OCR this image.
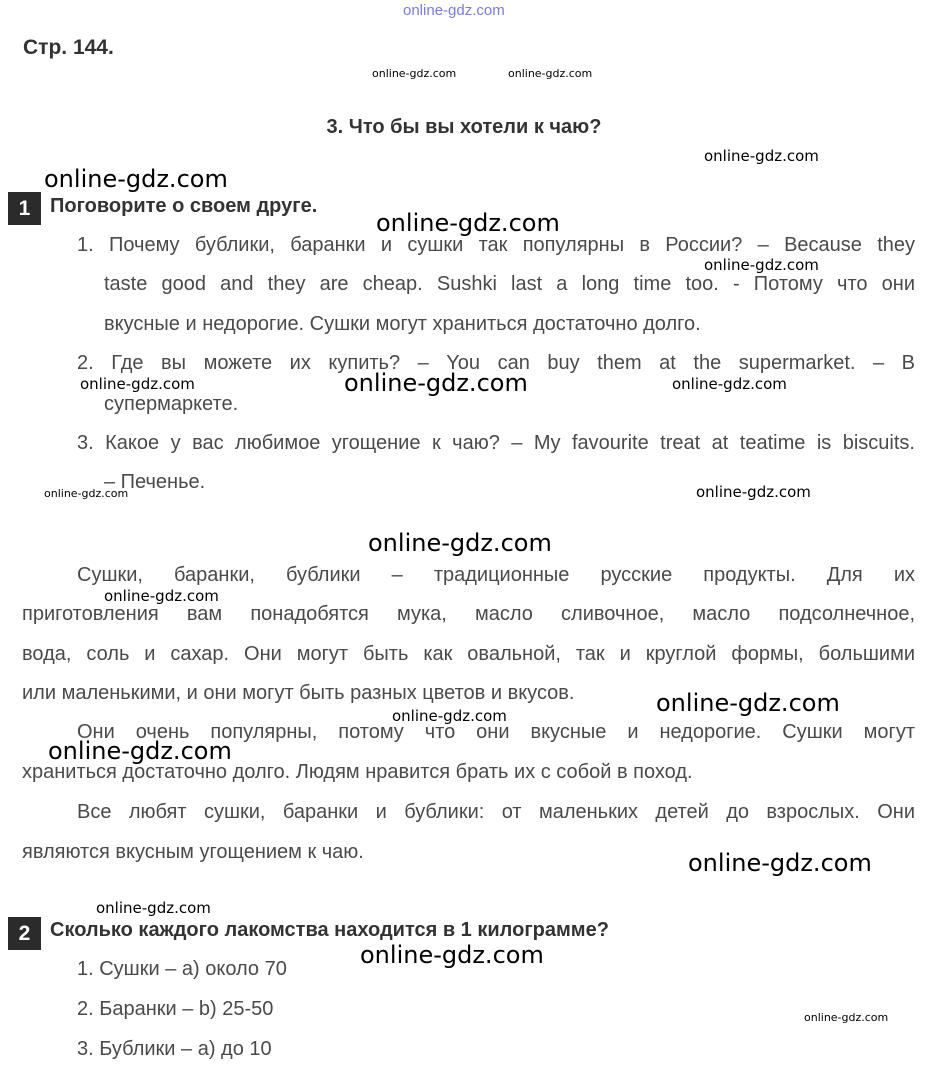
online-gdz.com
Стр. 144.
3. Что бы вы хотели к чаю?
1 Поговорите о своем друге.
1. Почему бублики, баранки и сушки так популярны в России? – Because they
taste good and they are cheap. Sushki last a long time too. - Потому что они
вкусные и недорогие. Сушки могут храниться достаточно долго.
2. Где вы можете их купить? – You can buy them at the supermarket. – В
супермаркете.
3. Какое у вас любимое угощение к чаю? – My favourite treat at teatime is biscuits.
– Печенье.
Сушки, баранки, бублики – традиционные русские продукты. Для их
приготовления вам понадобятся мука, масло сливочное, масло подсолнечное,
вода, соль и сахар. Они могут быть как овальной, так и круглой формы, большими
или маленькими, и они могут быть разных цветов и вкусов.
Они очень популярны, потому что они вкусные и недорогие. Сушки могут
храниться достаточно долго. Людям нравится брать их с собой в поход.
Все любят сушки, баранки и бублики: от маленьких детей до взрослых. Они
являются вкусным угощением к чаю.
2 Сколько каждого лакомства находится в 1 килограмме?
1. Сушки – a) около 70
2. Баранки – b) 25-50
3. Бублики – a) до 10
online-gdz.com	online-gdz.com
online-gdz.com
online-gdz.com
online-gdz.com
online-gdz.com
online-gdz.com	online-gdz.com	online-gdz.com
online-gdz.com	online-gdz.com
online-gdz.com
online-gdz.com
online-gdz.com
online-gdz.com
online-gdz.com
online-gdz.com
online-gdz.com
online-gdz.com
online-gdz.com
